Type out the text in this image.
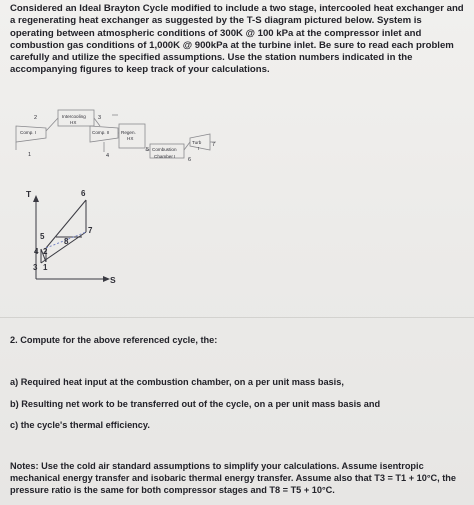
Considered an Ideal Brayton Cycle modified to include a two stage, intercooled heat exchanger and a regenerating heat exchanger as suggested by the T-S diagram pictured below. System is operating between atmospheric conditions of 300K @ 100 kPa at the compressor inlet and combustion gas conditions of 1,000K @ 900kPa at the turbine inlet. Be sure to read each problem carefully and utilize the specified assumptions. Use the station numbers indicated in the accompanying figures to keep track of your calculations.

Intercooling
HX
Comp. I	Comp. II	Regen.
HX
Combustion
Chamber I
Turb
I
2	3
1	4
5
6
7
T
S
6
7
5
8
4 2
3 1

2. Compute for the above referenced cycle, the:

a) Required heat input at the combustion chamber, on a per unit mass basis,

b) Resulting net work to be transferred out of the cycle, on a per unit mass basis and

c) the cycle's thermal efficiency.

Notes: Use the cold air standard assumptions to simplify your calculations. Assume isentropic mechanical energy transfer and isobaric thermal energy transfer. Assume also that T3 = T1 + 10°C, the pressure ratio is the same for both compressor stages and T8 = T5 + 10°C.
